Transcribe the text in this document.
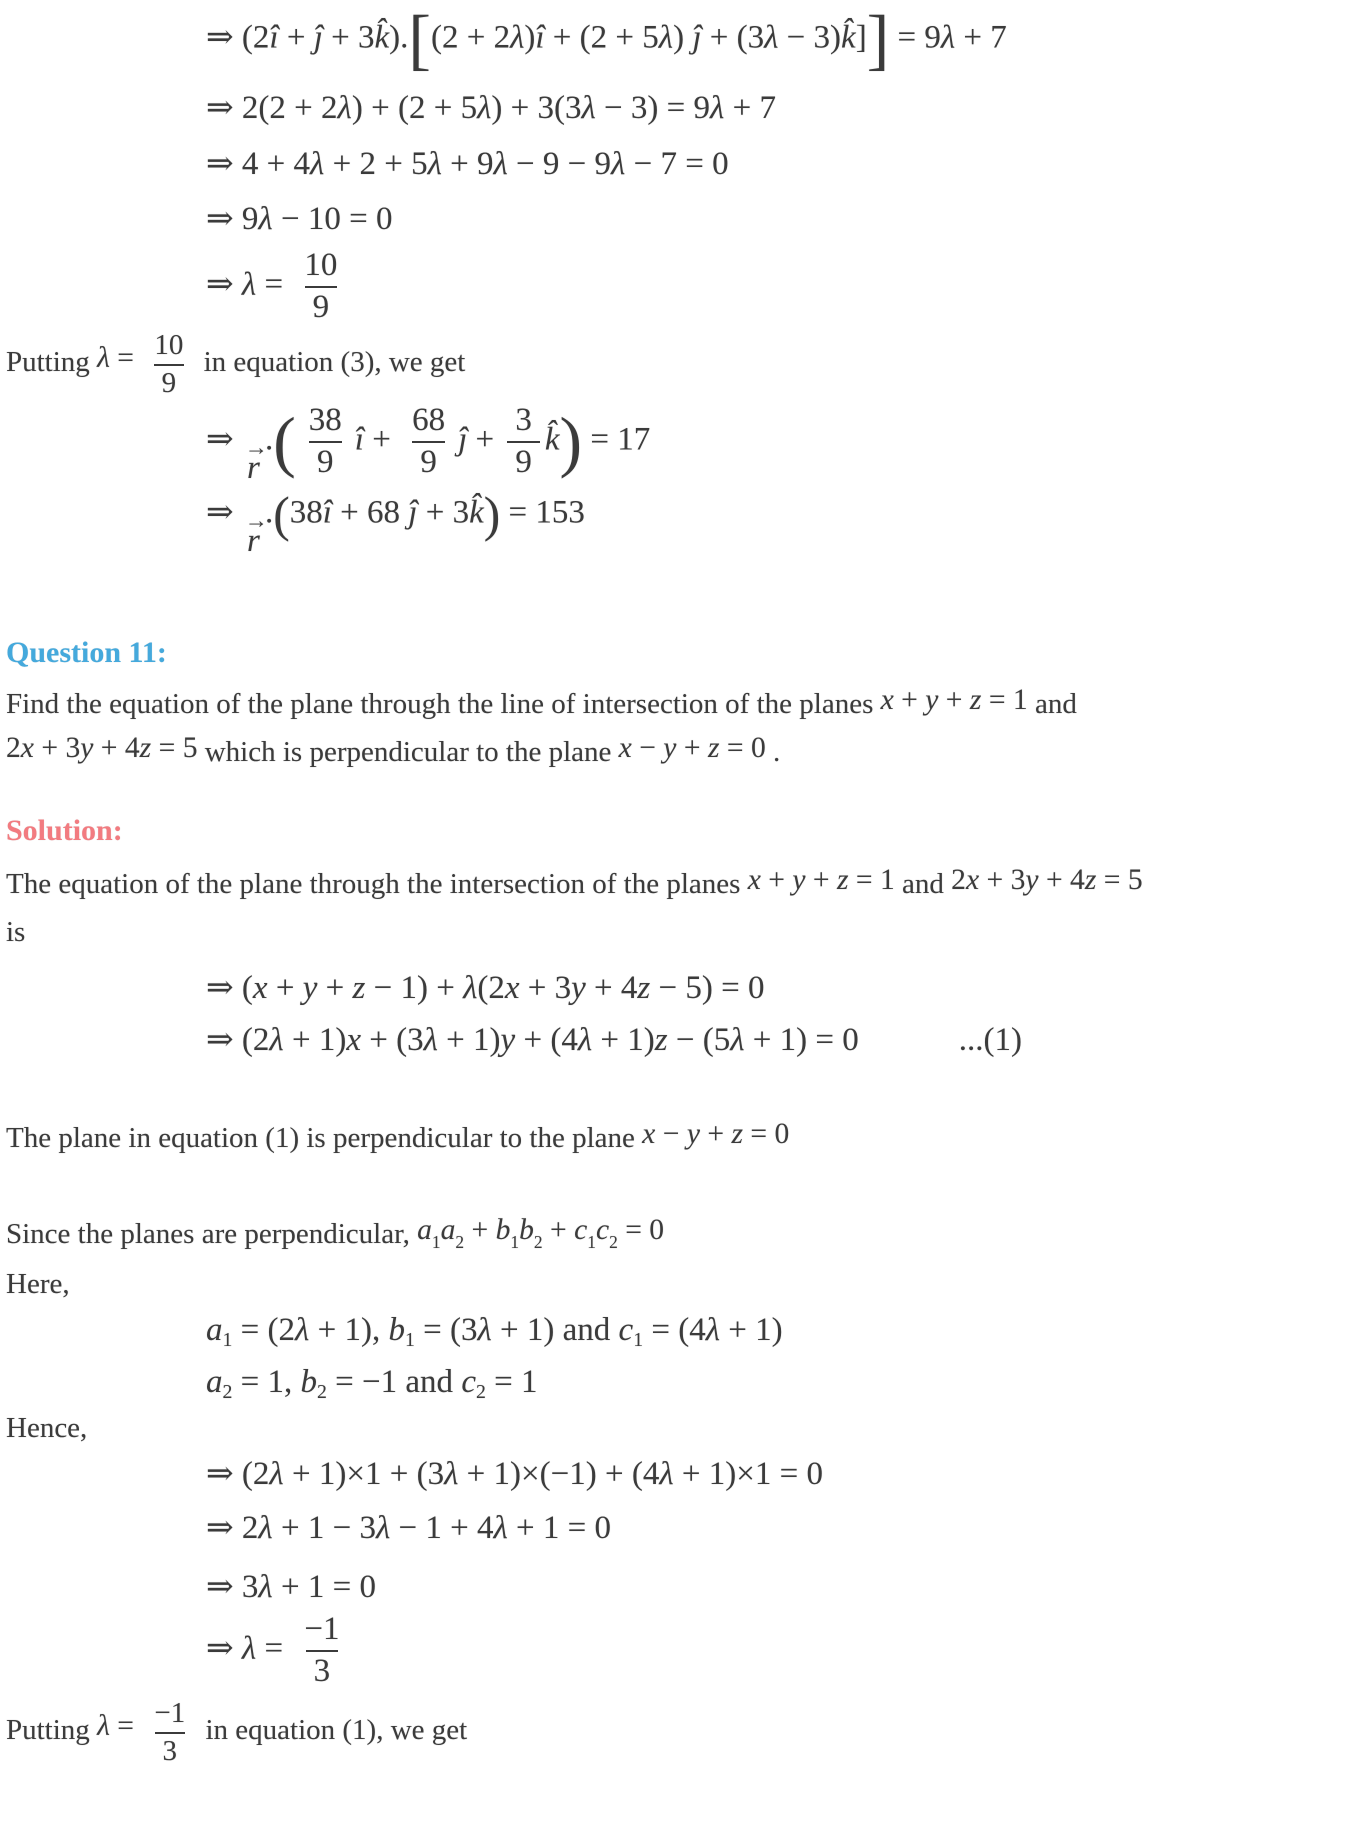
⇒ (2î + ĵ + 3k̂).[(2 + 2λ)î + (2 + 5λ) ĵ + (3λ − 3)k̂]] = 9λ + 7
⇒ 2(2 + 2λ) + (2 + 5λ) + 3(3λ − 3) = 9λ + 7
⇒ 4 + 4λ + 2 + 5λ + 9λ − 9 − 9λ − 7 = 0
⇒ 9λ − 10 = 0
⇒ $\lambda = \frac{10}{9}$
Putting $\lambda = \frac{10}{9}$ in equation (3), we get
⇒ →
r
.( $\frac{38}{9}$ î + $\frac{68}{9}$ ĵ + $\frac{3}{9}$ k̂) = 17
⇒ →
r
.(38î + 68 ĵ + 3k̂) = 153
Question 11:
Find the equation of the plane through the line of intersection of the planes x + y + z = 1 and
2x + 3y + 4z = 5 which is perpendicular to the plane x − y + z = 0 .
Solution:
The equation of the plane through the intersection of the planes x + y + z = 1 and 2x + 3y + 4z = 5
is
⇒ (x + y + z − 1) + λ(2x + 3y + 4z − 5) = 0
⇒ (2λ + 1)x + (3λ + 1)y + (4λ + 1)z − (5λ + 1) = 0	...(1)
The plane in equation (1) is perpendicular to the plane x − y + z = 0
Since the planes are perpendicular, $a_1a_2 + b_1b_2 + c_1c_2 = 0$
Here,
$a_1 = (2\lambda + 1)$, $b_1 = (3\lambda + 1)$ and $c_1 = (4\lambda + 1)$
$a_2 = 1$, $b_2 = -1$ and $c_2 = 1$
Hence,
⇒ (2λ + 1)×1 + (3λ + 1)×(−1) + (4λ + 1)×1 = 0
⇒ 2λ + 1 − 3λ − 1 + 4λ + 1 = 0
⇒ 3λ + 1 = 0
⇒ $\lambda = \frac{-1}{3}$
Putting $\lambda = \frac{-1}{3}$ in equation (1), we get
